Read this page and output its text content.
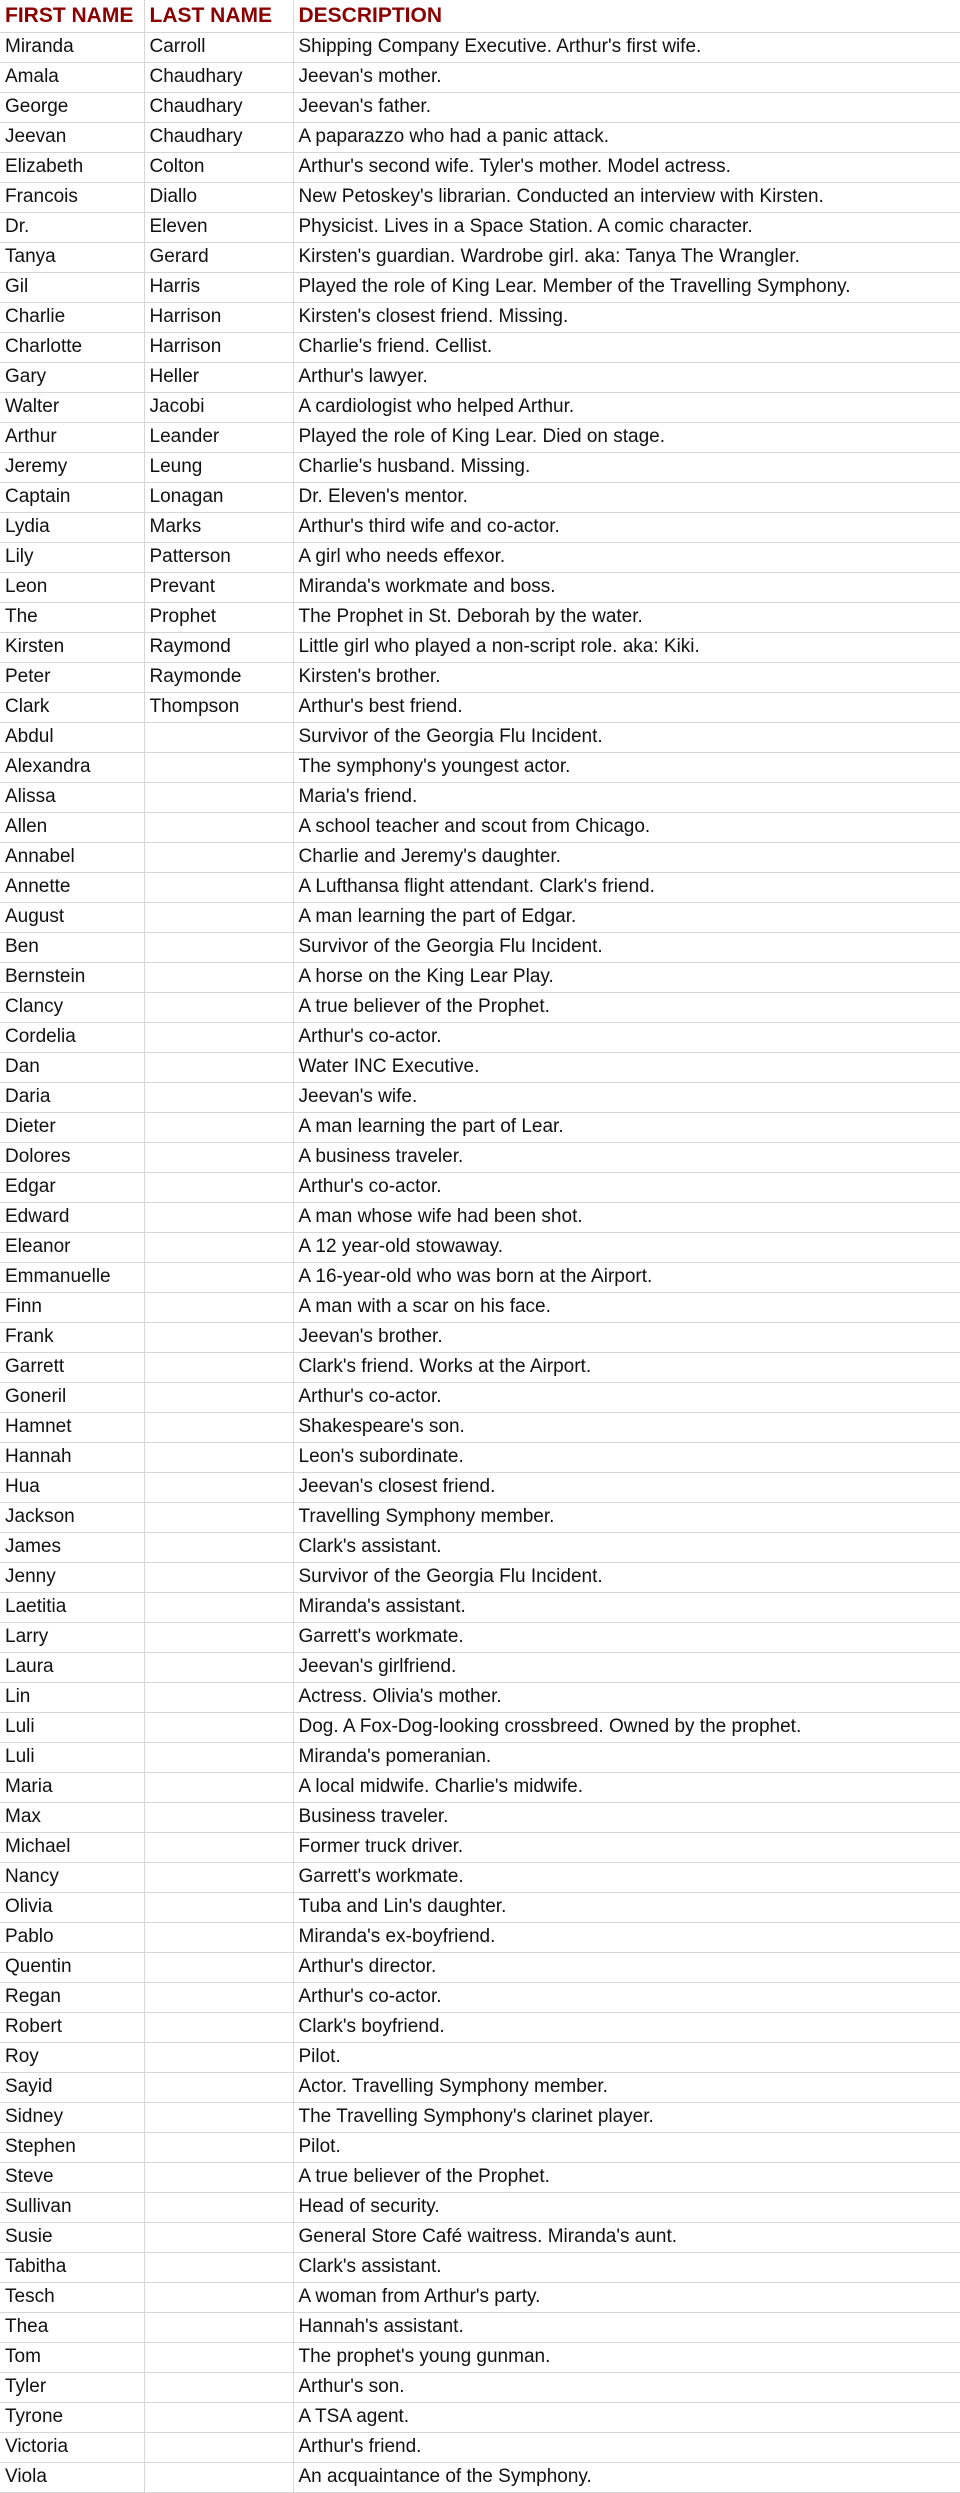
FIRST NAME	LAST NAME	DESCRIPTION
Miranda	Carroll	Shipping Company Executive. Arthur's first wife.
Amala	Chaudhary	Jeevan's mother.
George	Chaudhary	Jeevan's father.
Jeevan	Chaudhary	A paparazzo who had a panic attack.
Elizabeth	Colton	Arthur's second wife. Tyler's mother. Model actress.
Francois	Diallo	New Petoskey's librarian. Conducted an interview with Kirsten.
Dr.	Eleven	Physicist. Lives in a Space Station. A comic character.
Tanya	Gerard	Kirsten's guardian. Wardrobe girl. aka: Tanya The Wrangler.
Gil	Harris	Played the role of King Lear. Member of the Travelling Symphony.
Charlie	Harrison	Kirsten's closest friend. Missing.
Charlotte	Harrison	Charlie's friend. Cellist.
Gary	Heller	Arthur's lawyer.
Walter	Jacobi	A cardiologist who helped Arthur.
Arthur	Leander	Played the role of King Lear. Died on stage.
Jeremy	Leung	Charlie's husband. Missing.
Captain	Lonagan	Dr. Eleven's mentor.
Lydia	Marks	Arthur's third wife and co-actor.
Lily	Patterson	A girl who needs effexor.
Leon	Prevant	Miranda's workmate and boss.
The	Prophet	The Prophet in St. Deborah by the water.
Kirsten	Raymond	Little girl who played a non-script role. aka: Kiki.
Peter	Raymonde	Kirsten's brother.
Clark	Thompson	Arthur's best friend.
Abdul		Survivor of the Georgia Flu Incident.
Alexandra		The symphony's youngest actor.
Alissa		Maria's friend.
Allen		A school teacher and scout from Chicago.
Annabel		Charlie and Jeremy's daughter.
Annette		A Lufthansa flight attendant. Clark's friend.
August		A man learning the part of Edgar.
Ben		Survivor of the Georgia Flu Incident.
Bernstein		A horse on the King Lear Play.
Clancy		A true believer of the Prophet.
Cordelia		Arthur's co-actor.
Dan		Water INC Executive.
Daria		Jeevan's wife.
Dieter		A man learning the part of Lear.
Dolores		A business traveler.
Edgar		Arthur's co-actor.
Edward		A man whose wife had been shot.
Eleanor		A 12 year-old stowaway.
Emmanuelle		A 16-year-old who was born at the Airport.
Finn		A man with a scar on his face.
Frank		Jeevan's brother.
Garrett		Clark's friend. Works at the Airport.
Goneril		Arthur's co-actor.
Hamnet		Shakespeare's son.
Hannah		Leon's subordinate.
Hua		Jeevan's closest friend.
Jackson		Travelling Symphony member.
James		Clark's assistant.
Jenny		Survivor of the Georgia Flu Incident.
Laetitia		Miranda's assistant.
Larry		Garrett's workmate.
Laura		Jeevan's girlfriend.
Lin		Actress. Olivia's mother.
Luli		Dog. A Fox-Dog-looking crossbreed. Owned by the prophet.
Luli		Miranda's pomeranian.
Maria		A local midwife. Charlie's midwife.
Max		Business traveler.
Michael		Former truck driver.
Nancy		Garrett's workmate.
Olivia		Tuba and Lin's daughter.
Pablo		Miranda's ex-boyfriend.
Quentin		Arthur's director.
Regan		Arthur's co-actor.
Robert		Clark's boyfriend.
Roy		Pilot.
Sayid		Actor. Travelling Symphony member.
Sidney		The Travelling Symphony's clarinet player.
Stephen		Pilot.
Steve		A true believer of the Prophet.
Sullivan		Head of security.
Susie		General Store Café waitress. Miranda's aunt.
Tabitha		Clark's assistant.
Tesch		A woman from Arthur's party.
Thea		Hannah's assistant.
Tom		The prophet's young gunman.
Tyler		Arthur's son.
Tyrone		A TSA agent.
Victoria		Arthur's friend.
Viola		An acquaintance of the Symphony.
